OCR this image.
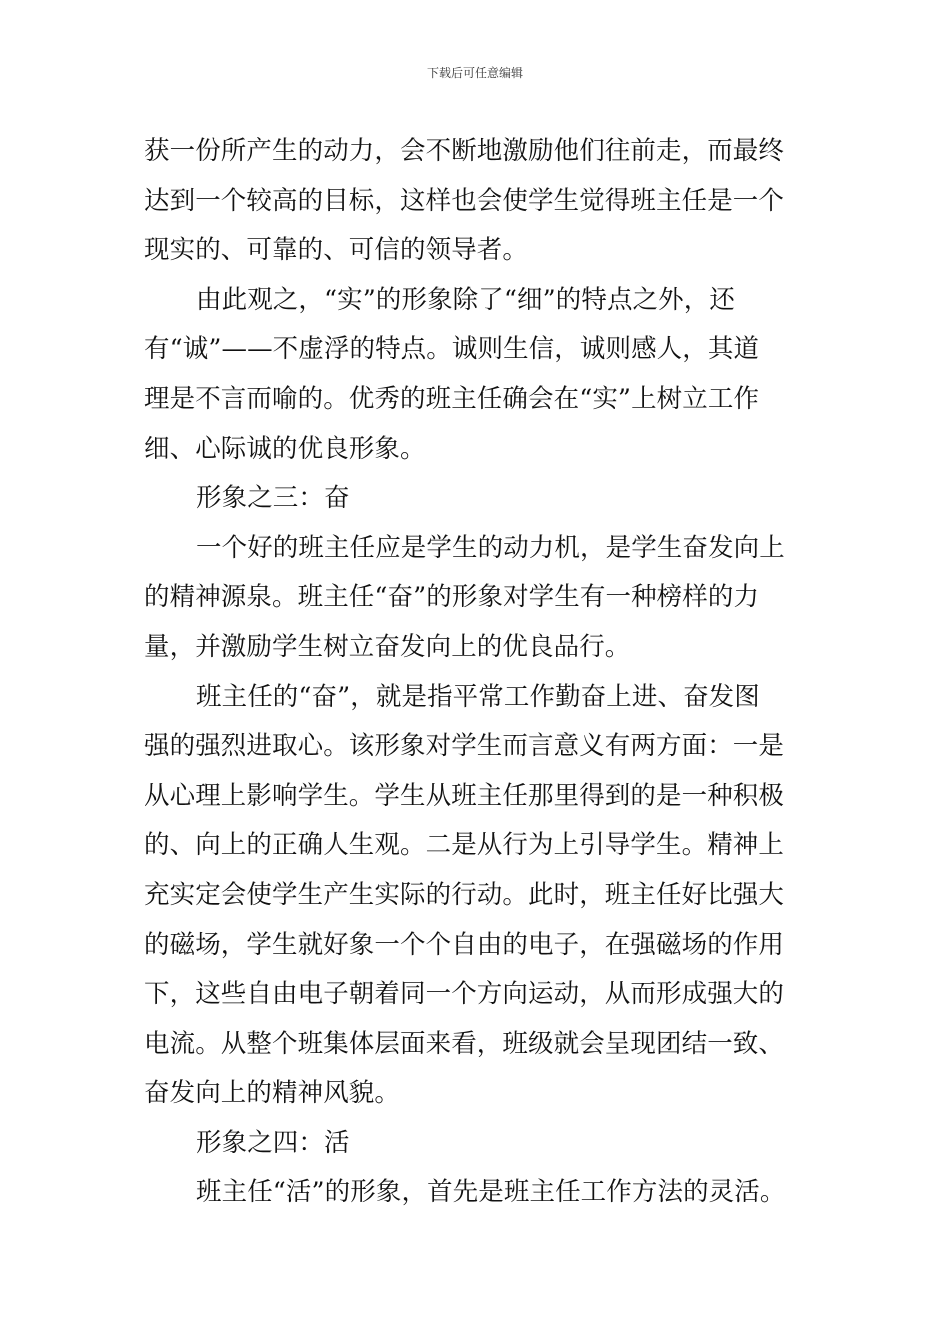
下载后可任意编辑
获一份所产生的动力，会不断地激励他们往前走，而最终
达到一个较高的目标，这样也会使学生觉得班主任是一个
现实的、可靠的、可信的领导者。
由此观之，“实”的形象除了“细”的特点之外，还
有“诚”——不虚浮的特点。诚则生信，诚则感人，其道
理是不言而喻的。优秀的班主任确会在“实”上树立工作
细、心际诚的优良形象。
形象之三：奋
一个好的班主任应是学生的动力机，是学生奋发向上
的精神源泉。班主任“奋”的形象对学生有一种榜样的力
量，并激励学生树立奋发向上的优良品行。
班主任的“奋”，就是指平常工作勤奋上进、奋发图
强的强烈进取心。该形象对学生而言意义有两方面：一是
从心理上影响学生。学生从班主任那里得到的是一种积极
的、向上的正确人生观。二是从行为上引导学生。精神上
充实定会使学生产生实际的行动。此时，班主任好比强大
的磁场，学生就好象一个个自由的电子，在强磁场的作用
下，这些自由电子朝着同一个方向运动，从而形成强大的
电流。从整个班集体层面来看，班级就会呈现团结一致、
奋发向上的精神风貌。
形象之四：活
班主任“活”的形象，首先是班主任工作方法的灵活。
